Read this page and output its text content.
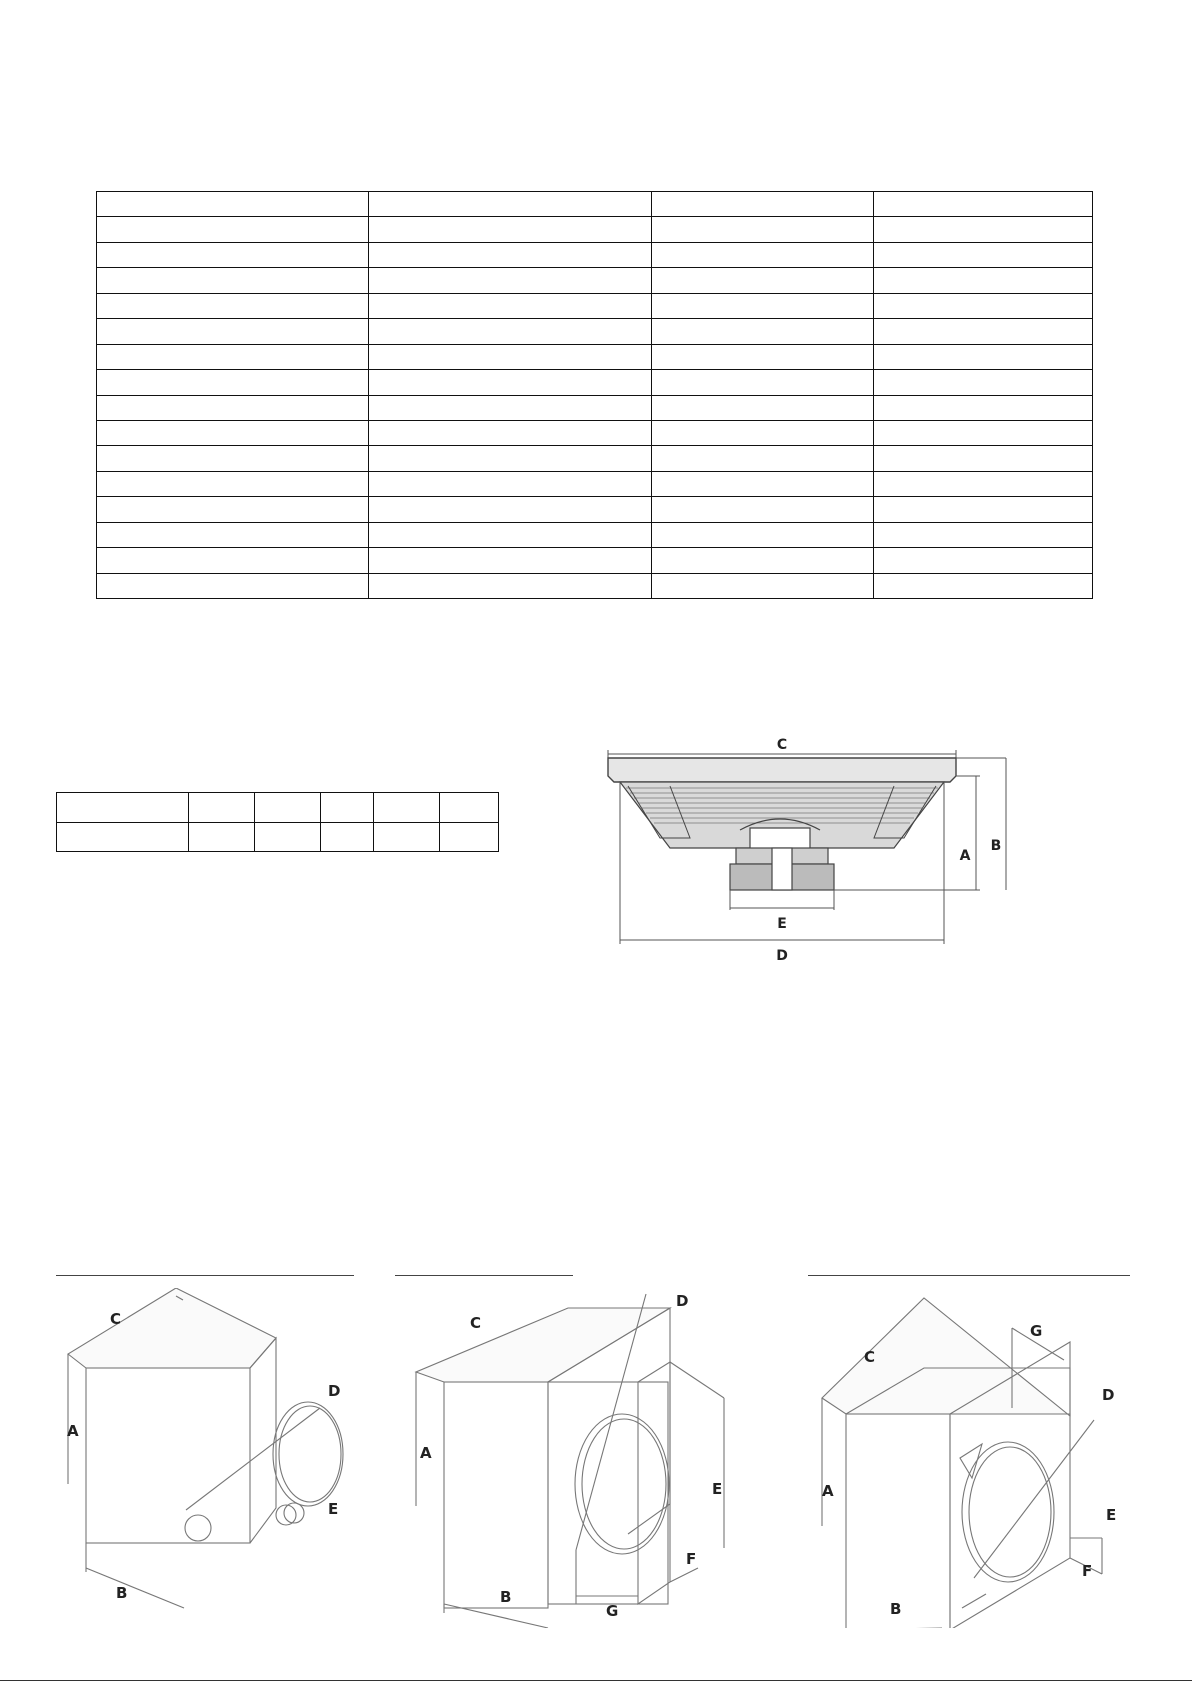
C
A
B
E
D
C
A
D
E
B
C
A
D
E
F
B
G
C
A
G
D
E
F
B
